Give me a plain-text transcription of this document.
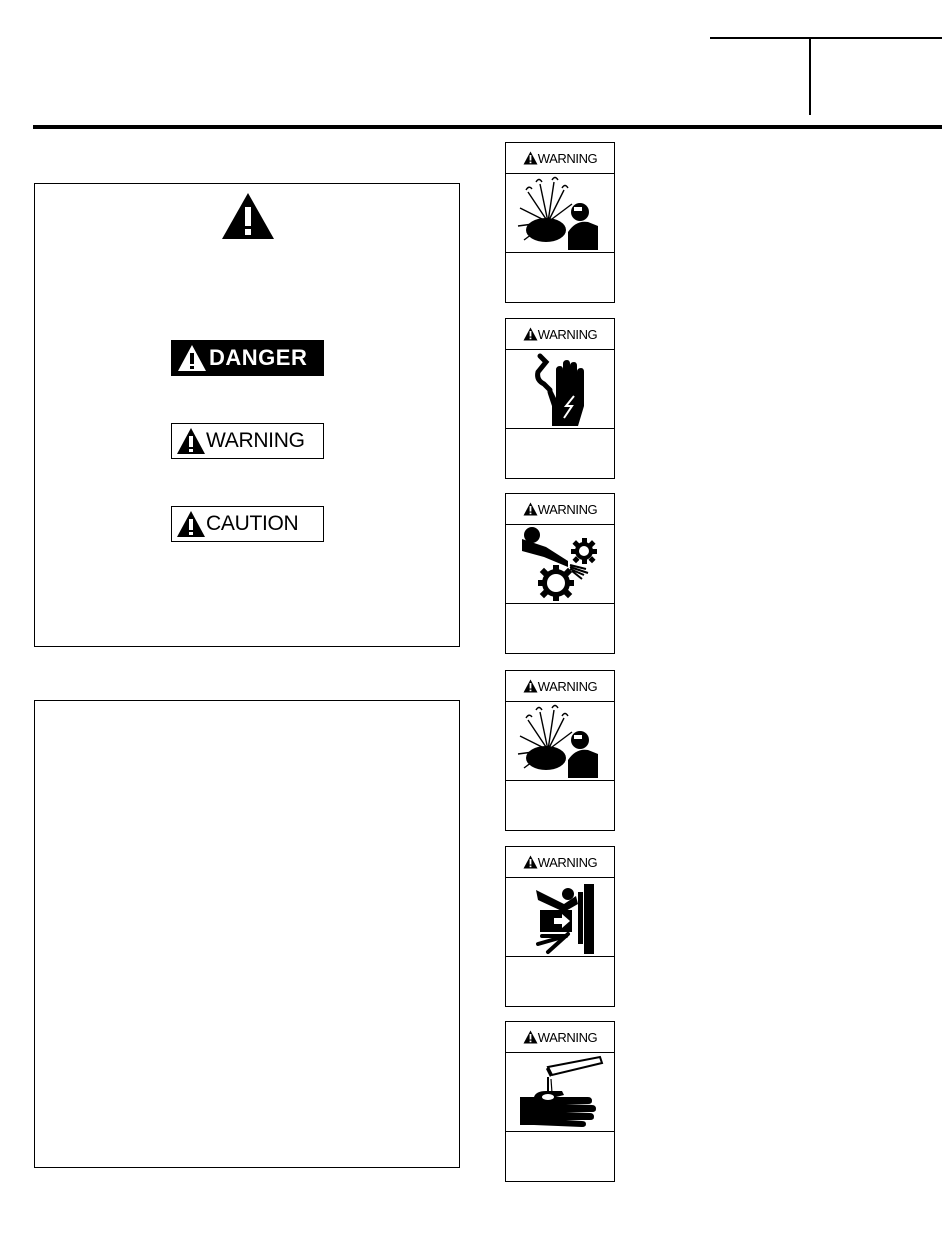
DANGER
WARNING
CAUTION
WARNING
WARNING
WARNING
WARNING
WARNING
WARNING
